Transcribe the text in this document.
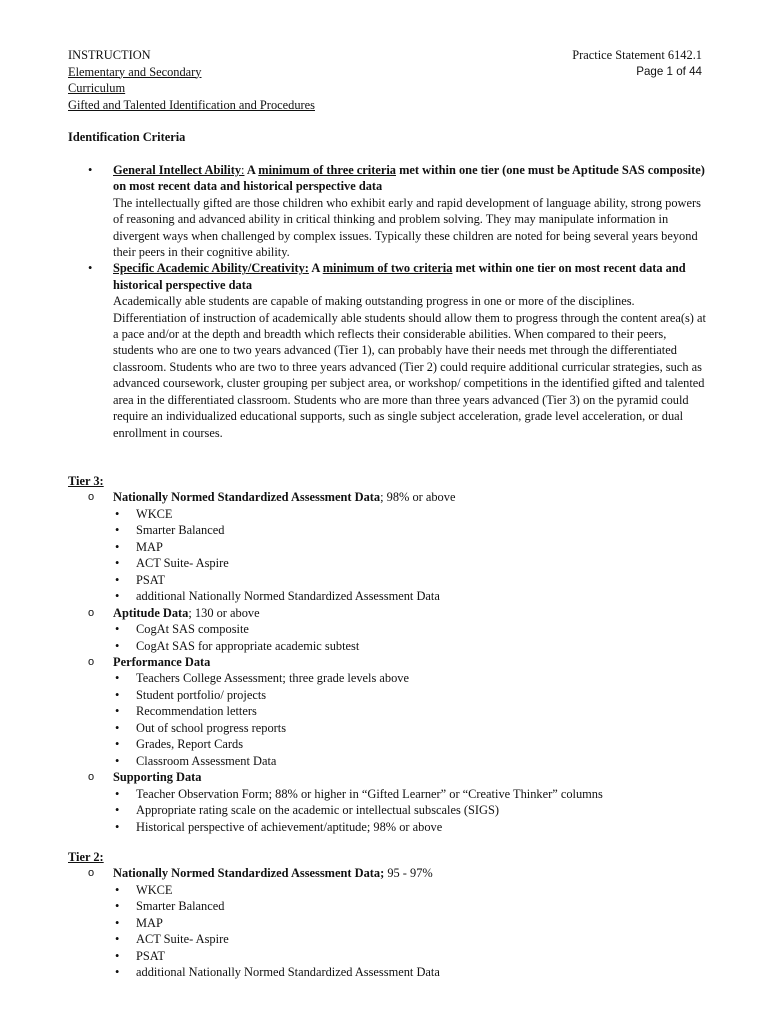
INSTRUCTION
Elementary and Secondary
Curriculum
Gifted and Talented Identification and Procedures
Practice Statement 6142.1
Page 1 of 44
Identification Criteria
• General Intellect Ability: A minimum of three criteria met within one tier (one must be Aptitude SAS composite) on most recent data and historical perspective data
The intellectually gifted are those children who exhibit early and rapid development of language ability, strong powers of reasoning and advanced ability in critical thinking and problem solving. They may manipulate information in divergent ways when challenged by complex issues. Typically these children are noted for being several years beyond their peers in their cognitive ability.
• Specific Academic Ability/Creativity: A minimum of two criteria met within one tier on most recent data and historical perspective data
Academically able students are capable of making outstanding progress in one or more of the disciplines. Differentiation of instruction of academically able students should allow them to progress through the content area(s) at a pace and/or at the depth and breadth which reflects their considerable abilities. When compared to their peers, students who are one to two years advanced (Tier 1), can probably have their needs met through the differentiated classroom. Students who are two to three years advanced (Tier 2) could require additional curricular strategies, such as advanced coursework, cluster grouping per subject area, or workshop/ competitions in the identified gifted and talented area in the differentiated classroom. Students who are more than three years advanced (Tier 3) on the pyramid could require an individualized educational supports, such as single subject acceleration, grade level acceleration, or dual enrollment in courses.
Tier 3:
o Nationally Normed Standardized Assessment Data; 98% or above
• WKCE
• Smarter Balanced
• MAP
• ACT Suite- Aspire
• PSAT
• additional Nationally Normed Standardized Assessment Data
o Aptitude Data; 130 or above
• CogAt SAS composite
• CogAt SAS for appropriate academic subtest
o Performance Data
• Teachers College Assessment; three grade levels above
• Student portfolio/ projects
• Recommendation letters
• Out of school progress reports
• Grades, Report Cards
• Classroom Assessment Data
o Supporting Data
• Teacher Observation Form; 88% or higher in “Gifted Learner” or “Creative Thinker” columns
• Appropriate rating scale on the academic or intellectual subscales (SIGS)
• Historical perspective of achievement/aptitude; 98% or above
Tier 2:
o Nationally Normed Standardized Assessment Data; 95 - 97%
• WKCE
• Smarter Balanced
• MAP
• ACT Suite- Aspire
• PSAT
• additional Nationally Normed Standardized Assessment Data
